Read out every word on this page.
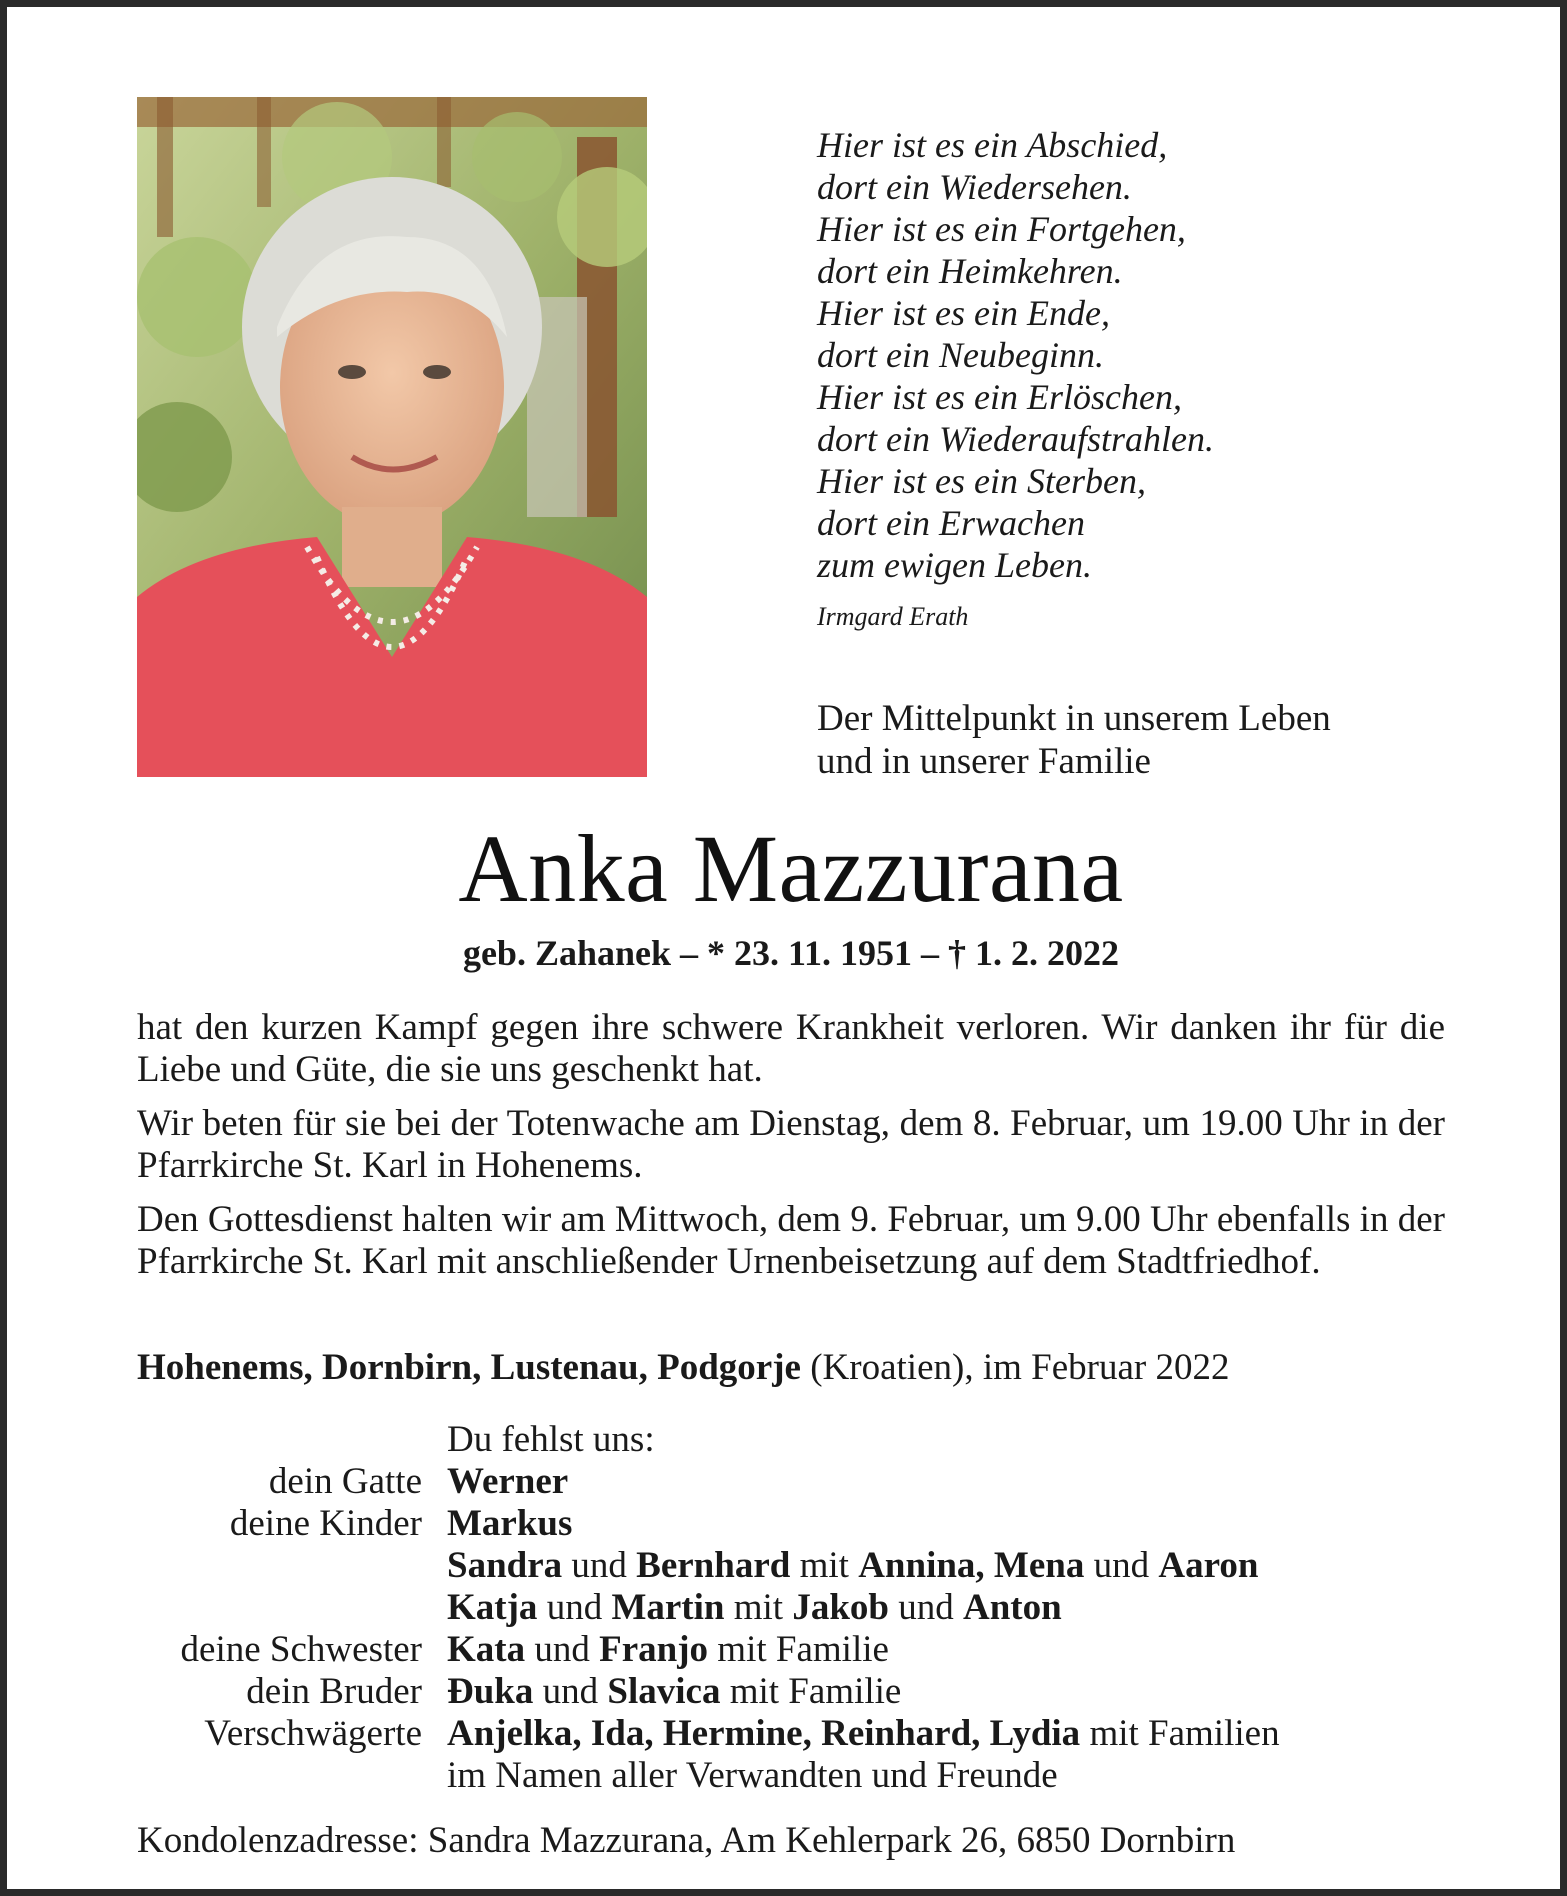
Hier ist es ein Abschied,
dort ein Wiedersehen.
Hier ist es ein Fortgehen,
dort ein Heimkehren.
Hier ist es ein Ende,
dort ein Neubeginn.
Hier ist es ein Erlöschen,
dort ein Wiederaufstrahlen.
Hier ist es ein Sterben,
dort ein Erwachen
zum ewigen Leben.
Irmgard Erath
Der Mittelpunkt in unserem Leben
und in unserer Familie
Anka Mazzurana
geb. Zahanek – * 23. 11. 1951 – † 1. 2. 2022

hat den kurzen Kampf gegen ihre schwere Krankheit verloren. Wir danken ihr für die Liebe und Güte, die sie uns geschenkt hat.

Wir beten für sie bei der Totenwache am Dienstag, dem 8. Februar, um 19.00 Uhr in der Pfarrkirche St. Karl in Hohenems.

Den Gottesdienst halten wir am Mittwoch, dem 9. Februar, um 9.00 Uhr ebenfalls in der Pfarrkirche St. Karl mit anschließender Urnenbeisetzung auf dem Stadtfriedhof.

Hohenems, Dornbirn, Lustenau, Podgorje (Kroatien), im Februar 2022
Du fehlst uns:
dein Gatte Werner
deine Kinder Markus
Sandra und Bernhard mit Annina, Mena und Aaron
Katja und Martin mit Jakob und Anton
deine Schwester Kata und Franjo mit Familie
dein Bruder Đuka und Slavica mit Familie
Verschwägerte Anjelka, Ida, Hermine, Reinhard, Lydia mit Familien
im Namen aller Verwandten und Freunde
Kondolenzadresse: Sandra Mazzurana, Am Kehlerpark 26, 6850 Dornbirn
